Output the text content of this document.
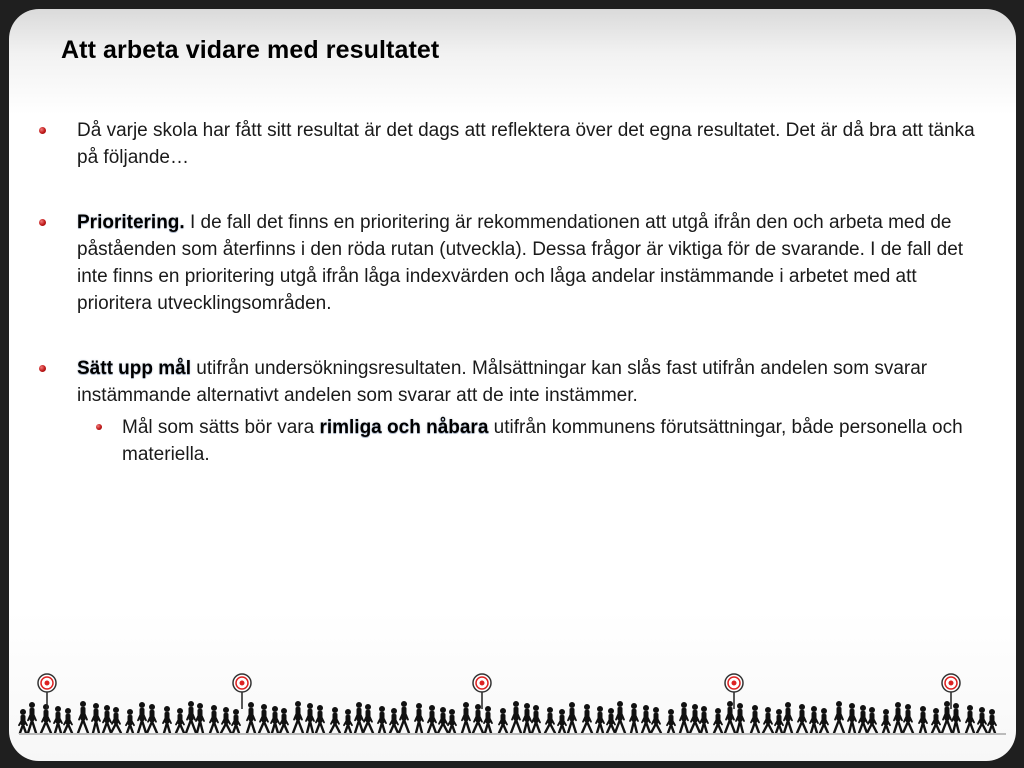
Att arbeta vidare med resultatet
Då varje skola har fått sitt resultat är det dags att reflektera över det egna resultatet. Det är då bra att tänka på följande…
Prioritering. I de fall det finns en prioritering är rekommendationen att utgå ifrån den och arbeta med de påståenden som återfinns i den röda rutan (utveckla). Dessa frågor är viktiga för de svarande. I de fall det inte finns en prioritering utgå ifrån låga indexvärden och låga andelar instämmande i arbetet med att prioritera utvecklingsområden.
Sätt upp mål utifrån undersökningsresultaten. Målsättningar kan slås fast utifrån andelen som svarar instämmande alternativt andelen som svarar att de inte instämmer.
Mål som sätts bör vara rimliga och nåbara utifrån kommunens förutsättningar, både personella och materiella.
